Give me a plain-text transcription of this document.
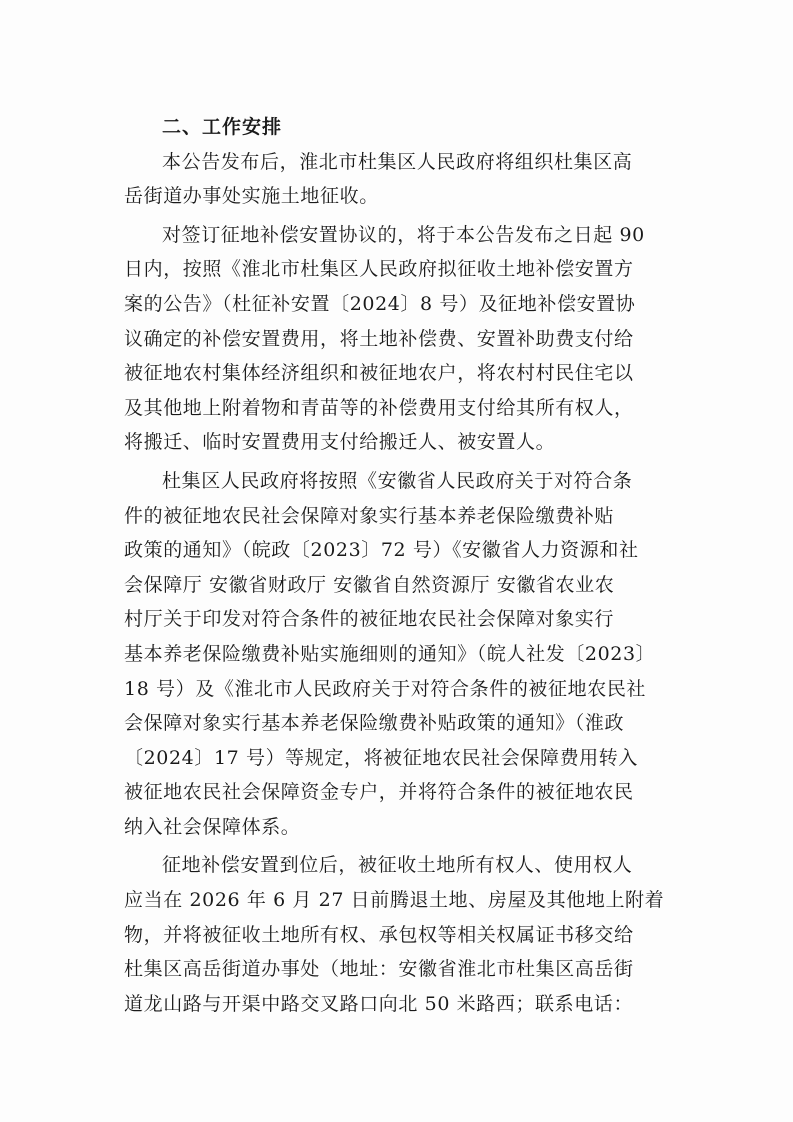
二、工作安排
本公告发布后，淮北市杜集区人民政府将组织杜集区高
岳街道办事处实施土地征收。
对签订征地补偿安置协议的，将于本公告发布之日起 90
日内，按照《淮北市杜集区人民政府拟征收土地补偿安置方
案的公告》（杜征补安置〔2024〕8 号）及征地补偿安置协
议确定的补偿安置费用，将土地补偿费、安置补助费支付给
被征地农村集体经济组织和被征地农户，将农村村民住宅以
及其他地上附着物和青苗等的补偿费用支付给其所有权人，
将搬迁、临时安置费用支付给搬迁人、被安置人。
杜集区人民政府将按照《安徽省人民政府关于对符合条
件的被征地农民社会保障对象实行基本养老保险缴费补贴
政策的通知》（皖政〔2023〕72 号）《安徽省人力资源和社
会保障厅 安徽省财政厅 安徽省自然资源厅 安徽省农业农
村厅关于印发对符合条件的被征地农民社会保障对象实行
基本养老保险缴费补贴实施细则的通知》（皖人社发〔2023〕
18 号）及《淮北市人民政府关于对符合条件的被征地农民社
会保障对象实行基本养老保险缴费补贴政策的通知》（淮政
〔2024〕17 号）等规定，将被征地农民社会保障费用转入
被征地农民社会保障资金专户，并将符合条件的被征地农民
纳入社会保障体系。
征地补偿安置到位后，被征收土地所有权人、使用权人
应当在 2026 年 6 月 27 日前腾退土地、房屋及其他地上附着
物，并将被征收土地所有权、承包权等相关权属证书移交给
杜集区高岳街道办事处（地址：安徽省淮北市杜集区高岳街
道龙山路与开渠中路交叉路口向北 50 米路西；联系电话：
